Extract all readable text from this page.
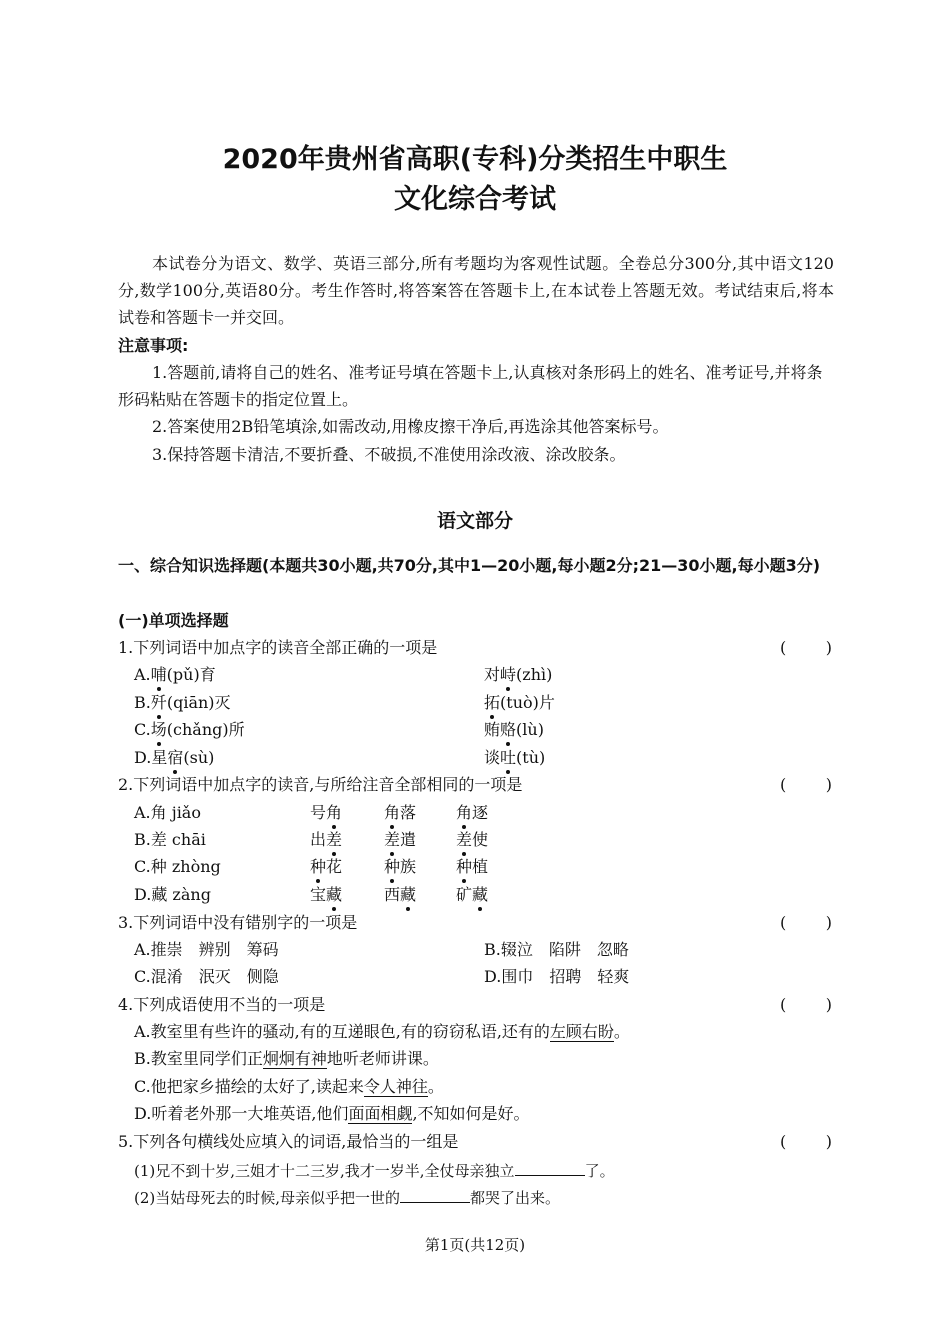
2020年贵州省高职(专科)分类招生中职生
文化综合考试
本试卷分为语文、数学、英语三部分,所有考题均为客观性试题。全卷总分300分,其中语文120分,数学100分,英语80分。考生作答时,将答案答在答题卡上,在本试卷上答题无效。考试结束后,将本试卷和答题卡一并交回。
注意事项:
1.答题前,请将自己的姓名、准考证号填在答题卡上,认真核对条形码上的姓名、准考证号,并将条形码粘贴在答题卡的指定位置上。
2.答案使用2B铅笔填涂,如需改动,用橡皮擦干净后,再选涂其他答案标号。
3.保持答题卡清洁,不要折叠、不破损,不准使用涂改液、涂改胶条。
语文部分
一、综合知识选择题(本题共30小题,共70分,其中1—20小题,每小题2分;21—30小题,每小题3分)
(一)单项选择题
1.下列词语中加点字的读音全部正确的一项是	( )
A.哺(pǔ)育	对峙(zhì)
B.歼(qiān)灭	拓(tuò)片
C.场(chǎng)所	贿赂(lù)
D.星宿(sù)	谈吐(tù)
2.下列词语中加点字的读音,与所给注音全部相同的一项是	( )
A.角 jiǎo	号角	角落 角逐
B.差 chāi	出差	差遣 差使
C.种 zhòng	种花	种族 种植
D.藏 zàng	宝藏	西藏 矿藏
3.下列词语中没有错别字的一项是	( )
A.推崇　辨别　筹码	B.辍泣　陷阱　忽略
C.混淆　泯灭　侧隐	D.围巾　招聘　轻爽
4.下列成语使用不当的一项是	( )
A.教室里有些许的骚动,有的互递眼色,有的窃窃私语,还有的左顾右盼。
B.教室里同学们正炯炯有神地听老师讲课。
C.他把家乡描绘的太好了,读起来令人神往。
D.听着老外那一大堆英语,他们面面相觑,不知如何是好。
5.下列各句横线处应填入的词语,最恰当的一组是	( )
(1)兄不到十岁,三姐才十二三岁,我才一岁半,全仗母亲独立	了。
(2)当姑母死去的时候,母亲似乎把一世的	都哭了出来。
第1页(共12页)
